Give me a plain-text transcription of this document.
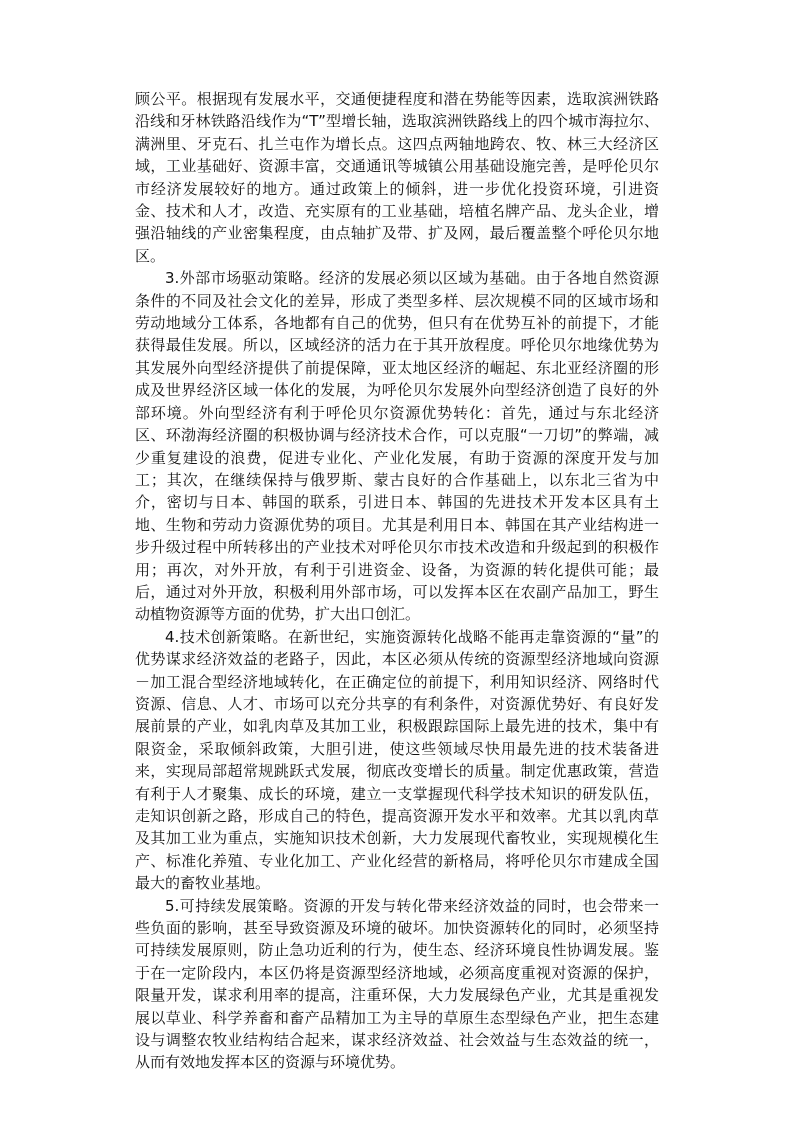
顾公平。根据现有发展水平，交通便捷程度和潜在势能等因素，选取滨洲铁路沿线和牙林铁路沿线作为“T”型增长轴，选取滨洲铁路线上的四个城市海拉尔、满洲里、牙克石、扎兰屯作为增长点。这四点两轴地跨农、牧、林三大经济区域，工业基础好、资源丰富，交通通讯等城镇公用基础设施完善，是呼伦贝尔市经济发展较好的地方。通过政策上的倾斜，进一步优化投资环境，引进资金、技术和人才，改造、充实原有的工业基础，培植名牌产品、龙头企业，增强沿轴线的产业密集程度，由点轴扩及带、扩及网，最后覆盖整个呼伦贝尔地区。

3.外部市场驱动策略。经济的发展必须以区域为基础。由于各地自然资源条件的不同及社会文化的差异，形成了类型多样、层次规模不同的区域市场和劳动地域分工体系，各地都有自己的优势，但只有在优势互补的前提下，才能获得最佳发展。所以，区域经济的活力在于其开放程度。呼伦贝尔地缘优势为其发展外向型经济提供了前提保障，亚太地区经济的崛起、东北亚经济圈的形成及世界经济区域一体化的发展，为呼伦贝尔发展外向型经济创造了良好的外部环境。外向型经济有利于呼伦贝尔资源优势转化：首先，通过与东北经济区、环渤海经济圈的积极协调与经济技术合作，可以克服“一刀切”的弊端，减少重复建设的浪费，促进专业化、产业化发展，有助于资源的深度开发与加工；其次，在继续保持与俄罗斯、蒙古良好的合作基础上，以东北三省为中介，密切与日本、韩国的联系，引进日本、韩国的先进技术开发本区具有土地、生物和劳动力资源优势的项目。尤其是利用日本、韩国在其产业结构进一步升级过程中所转移出的产业技术对呼伦贝尔市技术改造和升级起到的积极作用；再次，对外开放，有利于引进资金、设备，为资源的转化提供可能；最后，通过对外开放，积极利用外部市场，可以发挥本区在农副产品加工，野生动植物资源等方面的优势，扩大出口创汇。

4.技术创新策略。在新世纪，实施资源转化战略不能再走靠资源的“量”的优势谋求经济效益的老路子，因此，本区必须从传统的资源型经济地域向资源－加工混合型经济地域转化，在正确定位的前提下，利用知识经济、网络时代资源、信息、人才、市场可以充分共享的有利条件，对资源优势好、有良好发展前景的产业，如乳肉草及其加工业，积极跟踪国际上最先进的技术，集中有限资金，采取倾斜政策，大胆引进，使这些领域尽快用最先进的技术装备进来，实现局部超常规跳跃式发展，彻底改变增长的质量。制定优惠政策，营造有利于人才聚集、成长的环境，建立一支掌握现代科学技术知识的研发队伍，走知识创新之路，形成自己的特色，提高资源开发水平和效率。尤其以乳肉草及其加工业为重点，实施知识技术创新，大力发展现代畜牧业，实现规模化生产、标准化养殖、专业化加工、产业化经营的新格局，将呼伦贝尔市建成全国最大的畜牧业基地。

5.可持续发展策略。资源的开发与转化带来经济效益的同时，也会带来一些负面的影响，甚至导致资源及环境的破坏。加快资源转化的同时，必须坚持可持续发展原则，防止急功近利的行为，使生态、经济环境良性协调发展。鉴于在一定阶段内，本区仍将是资源型经济地域，必须高度重视对资源的保护，限量开发，谋求利用率的提高，注重环保，大力发展绿色产业，尤其是重视发展以草业、科学养畜和畜产品精加工为主导的草原生态型绿色产业，把生态建设与调整农牧业结构结合起来，谋求经济效益、社会效益与生态效益的统一，从而有效地发挥本区的资源与环境优势。
